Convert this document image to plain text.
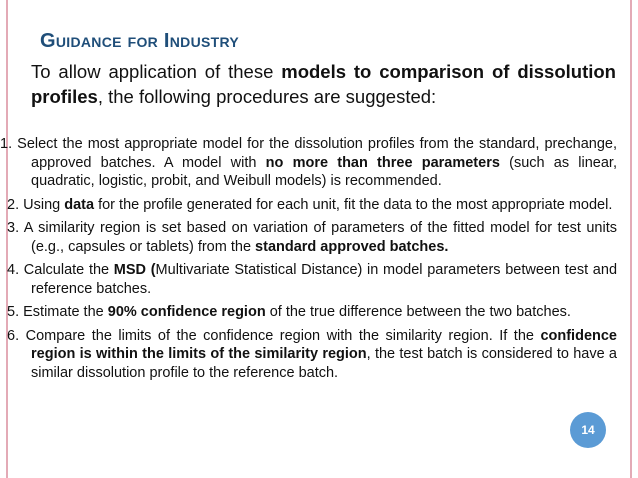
Guidance for Industry
To allow application of these models to comparison of dissolution profiles, the following procedures are suggested:
1. Select the most appropriate model for the dissolution profiles from the standard, prechange, approved batches. A model with no more than three parameters (such as linear, quadratic, logistic, probit, and Weibull models) is recommended.
2. Using data for the profile generated for each unit, fit the data to the most appropriate model.
3. A similarity region is set based on variation of parameters of the fitted model for test units (e.g., capsules or tablets) from the standard approved batches.
4. Calculate the MSD (Multivariate Statistical Distance) in model parameters between test and reference batches.
5. Estimate the 90% confidence region of the true difference between the two batches.
6. Compare the limits of the confidence region with the similarity region. If the confidence region is within the limits of the similarity region, the test batch is considered to have a similar dissolution profile to the reference batch.
14
